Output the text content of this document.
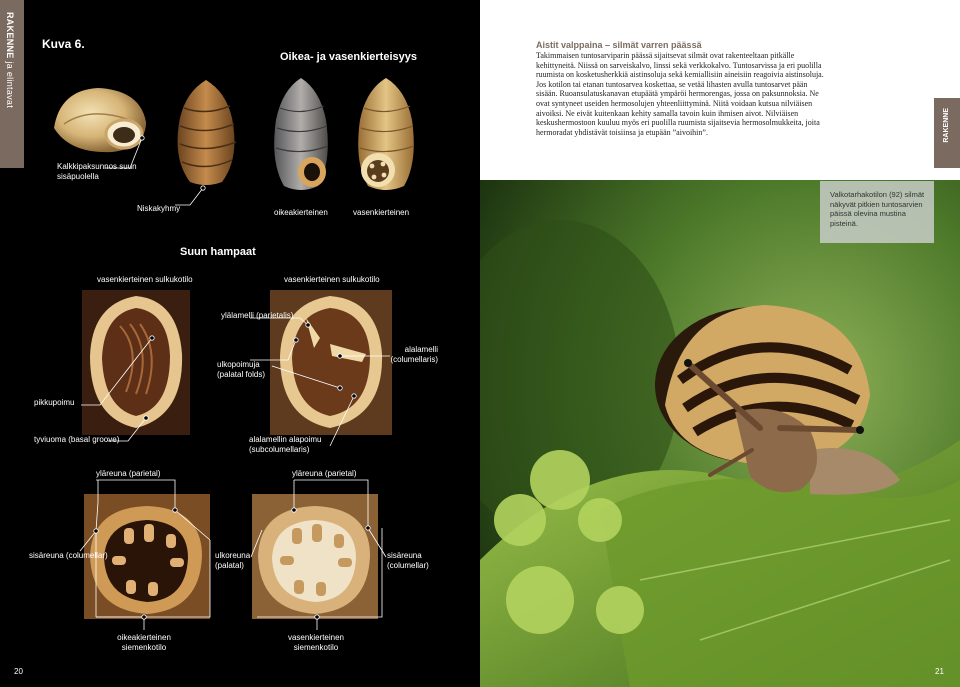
RAKENNE ja elintavat
Kuva 6.
Oikea- ja vasenkierteisyys
Kalkkipaksunnos suun sisäpuolella
Niskakyhmy	oikeakierteinen	vasenkierteinen
Suun hampaat
vasenkierteinen sulkukotilo	vasenkierteinen sulkukotilo
ylälamelli (parietalis)
ulkopoimuja (palatal folds)
alalamelli (columellaris)
pikkupoimu
tyviuoma (basal groove)	alalamellin alapoimu (subcolumellaris)
yläreuna (parietal)	yläreuna (parietal)
sisäreuna (columellar)	ulkoreuna (palatal)
sisäreuna (columellar)
oikeakierteinen siemenkotilo
vasenkierteinen siemenkotilo
20
Aistit valppaina – silmät varren päässä
Takimmaisen tuntosarviparin päässä sijaitsevat silmät ovat rakenteeltaan pitkälle kehittyneitä. Niissä on sarveiskalvo, linssi sekä verkkokalvo. Tuntosarvissa ja eri puolilla ruumista on kosketusherkkiä aistinsoluja sekä kemiallisiin aineisiin reagoivia aistinsoluja. Jos kotilon tai etanan tuntosarvea koskettaa, se vetää lihasten avulla tuntosarvet pään sisään. Ruoansulatuskanavan etupäätä ympäröi hermorengas, jossa on paksunnoksia. Ne ovat syntyneet useiden hermosolujen yhteenliittyminä. Niitä voidaan kutsua nilviäisen aivoiksi. Ne eivät kuitenkaan kehity samalla tavoin kuin ihmisen aivot. Nilviäisen keskushermostoon kuuluu myös eri puolilla ruumista sijaitsevia hermosolmukkeita, joita hermoradat yhdistävät toisiinsa ja etupään ”aivoihin”.	RAKENNE
Valkotarhakotilon (92) silmät näkyvät pitkien tuntosarvien päissä olevina mustina pisteinä.
21
